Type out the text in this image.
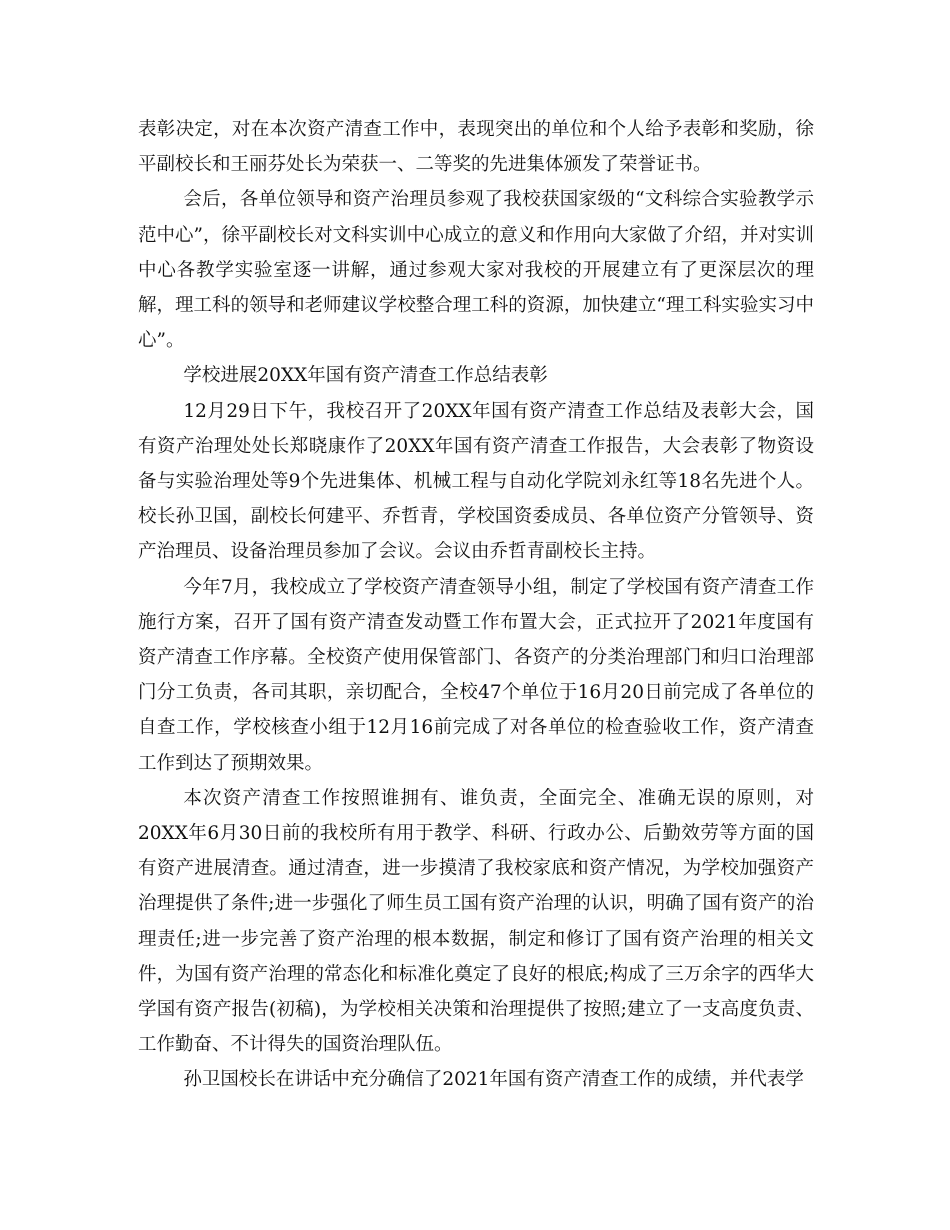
表彰决定，对在本次资产清查工作中，表现突出的单位和个人给予表彰和奖励，徐平副校长和王丽芬处长为荣获一、二等奖的先进集体颁发了荣誉证书。

会后，各单位领导和资产治理员参观了我校获国家级的“文科综合实验教学示范中心”，徐平副校长对文科实训中心成立的意义和作用向大家做了介绍，并对实训中心各教学实验室逐一讲解，通过参观大家对我校的开展建立有了更深层次的理解，理工科的领导和老师建议学校整合理工科的资源，加快建立“理工科实验实习中心”。

学校进展20XX年国有资产清查工作总结表彰

12月29日下午，我校召开了20XX年国有资产清查工作总结及表彰大会，国有资产治理处处长郑晓康作了20XX年国有资产清查工作报告，大会表彰了物资设备与实验治理处等9个先进集体、机械工程与自动化学院刘永红等18名先进个人。校长孙卫国，副校长何建平、乔哲青，学校国资委成员、各单位资产分管领导、资产治理员、设备治理员参加了会议。会议由乔哲青副校长主持。

今年7月，我校成立了学校资产清查领导小组，制定了学校国有资产清查工作施行方案，召开了国有资产清查发动暨工作布置大会，正式拉开了2021年度国有资产清查工作序幕。全校资产使用保管部门、各资产的分类治理部门和归口治理部门分工负责，各司其职，亲切配合，全校47个单位于16月20日前完成了各单位的自查工作，学校核查小组于12月16前完成了对各单位的检查验收工作，资产清查工作到达了预期效果。

本次资产清查工作按照谁拥有、谁负责，全面完全、准确无误的原则，对20XX年6月30日前的我校所有用于教学、科研、行政办公、后勤效劳等方面的国有资产进展清查。通过清查，进一步摸清了我校家底和资产情况，为学校加强资产治理提供了条件;进一步强化了师生员工国有资产治理的认识，明确了国有资产的治理责任;进一步完善了资产治理的根本数据，制定和修订了国有资产治理的相关文件，为国有资产治理的常态化和标准化奠定了良好的根底;构成了三万余字的西华大学国有资产报告(初稿)，为学校相关决策和治理提供了按照;建立了一支高度负责、工作勤奋、不计得失的国资治理队伍。

孙卫国校长在讲话中充分确信了2021年国有资产清查工作的成绩，并代表学
